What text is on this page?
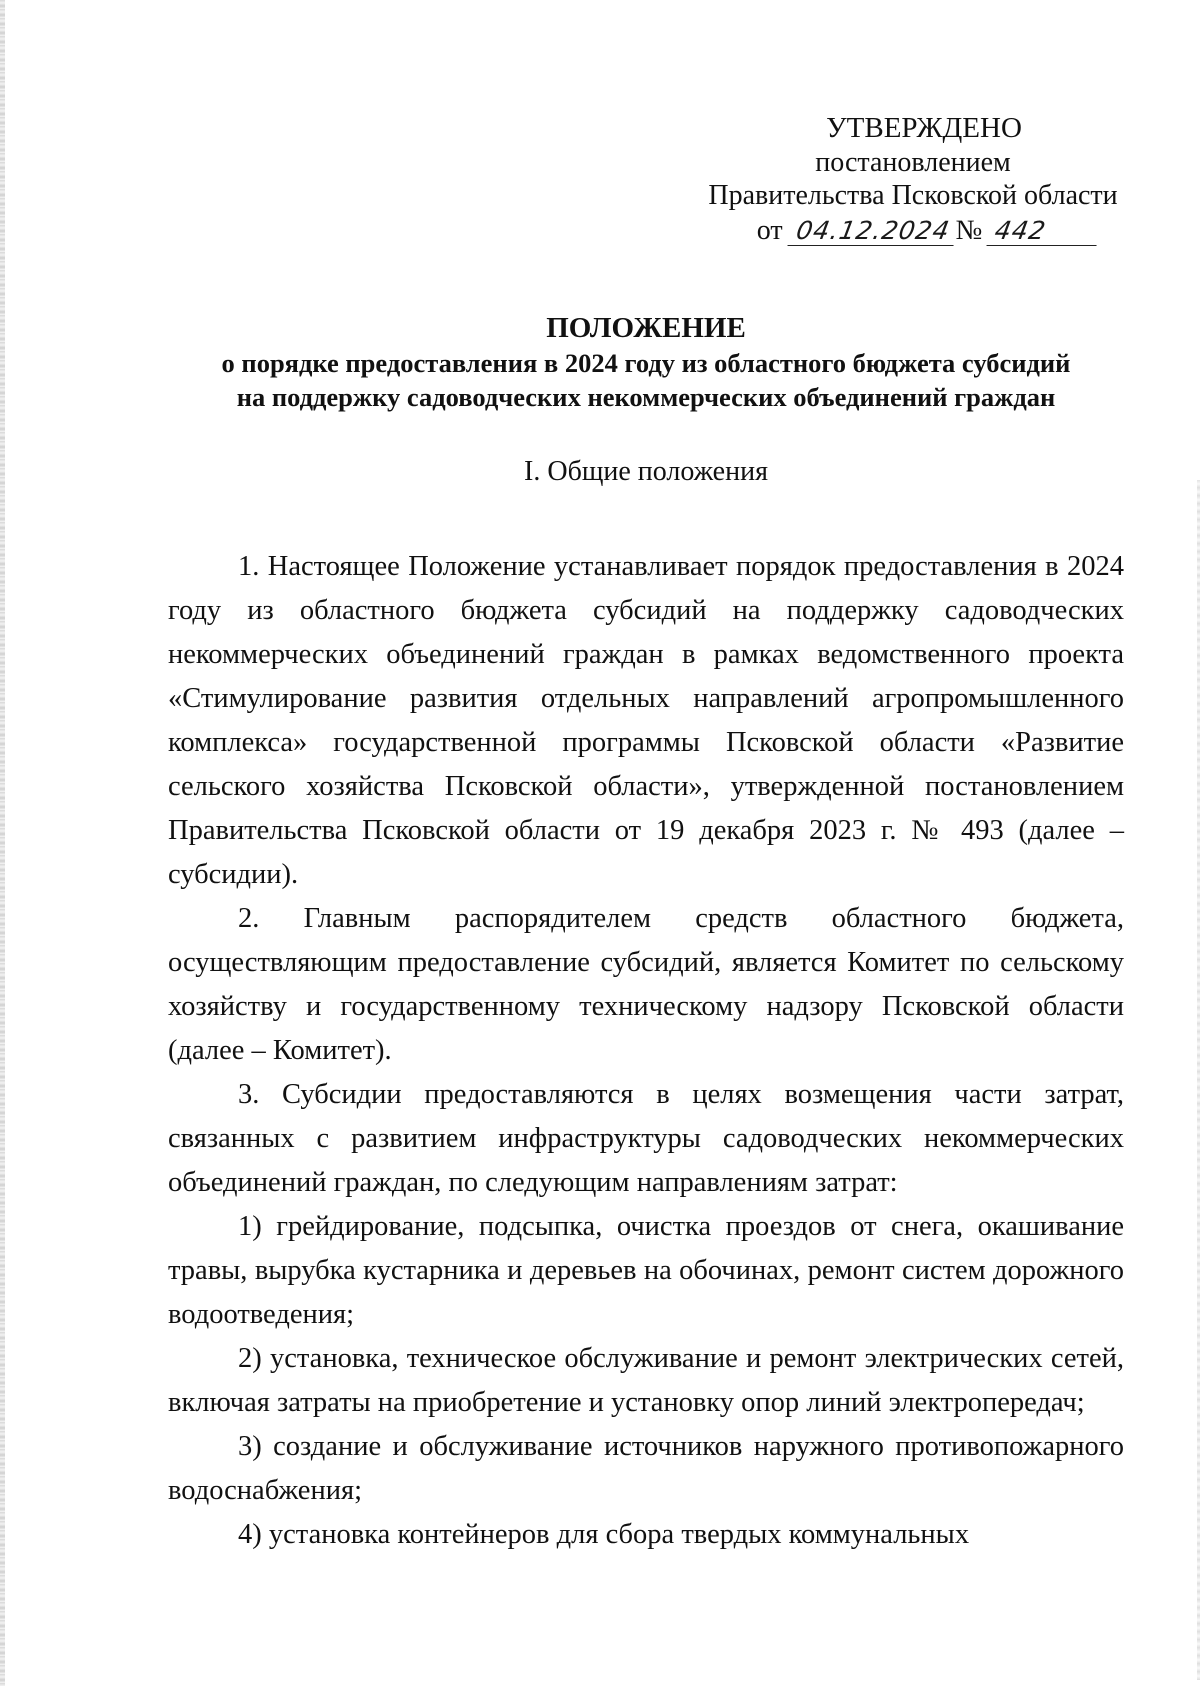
УТВЕРЖДЕНО
постановлением
Правительства Псковской области
от 04.12.2024 № 442
ПОЛОЖЕНИЕ
о порядке предоставления в 2024 году из областного бюджета субсидий
на поддержку садоводческих некоммерческих объединений граждан
I. Общие положения

1. Настоящее Положение устанавливает порядок предоставления в 2024 году из областного бюджета субсидий на поддержку садоводческих некоммерческих объединений граждан в рамках ведомственного проекта «Стимулирование развития отдельных направлений агропромышленного комплекса» государственной программы Псковской области «Развитие сельского хозяйства Псковской области», утвержденной постановлением Правительства Псковской области от 19 декабря 2023 г. № 493 (далее – субсидии).

2. Главным распорядителем средств областного бюджета, осуществляющим предоставление субсидий, является Комитет по сельскому хозяйству и государственному техническому надзору Псковской области (далее – Комитет).

3. Субсидии предоставляются в целях возмещения части затрат, связанных с развитием инфраструктуры садоводческих некоммерческих объединений граждан, по следующим направлениям затрат:

1) грейдирование, подсыпка, очистка проездов от снега, окашивание травы, вырубка кустарника и деревьев на обочинах, ремонт систем дорожного водоотведения;

2) установка, техническое обслуживание и ремонт электрических сетей, включая затраты на приобретение и установку опор линий электропередач;

3) создание и обслуживание источников наружного противопожарного водоснабжения;

4) установка контейнеров для сбора твердых коммунальных
